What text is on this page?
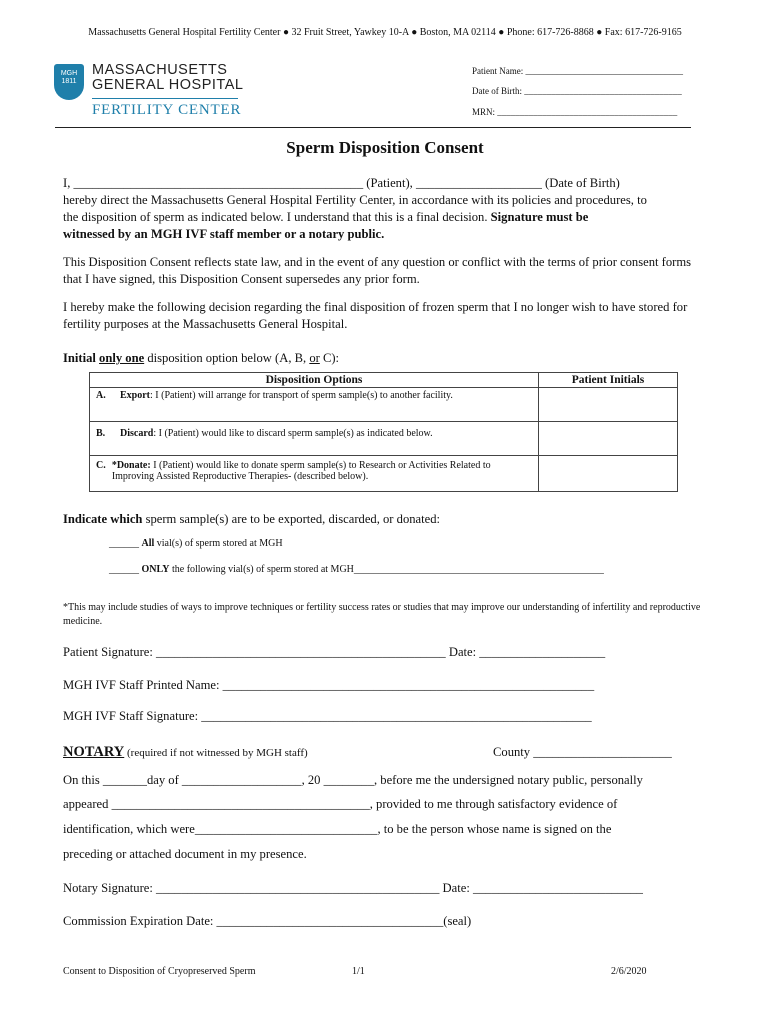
Massachusetts General Hospital Fertility Center ● 32 Fruit Street, Yawkey 10-A ● Boston, MA 02114 ● Phone: 617-726-8868 ● Fax: 617-726-9165
MGH 1811
MASSACHUSETTS
GENERAL HOSPITAL
FERTILITY CENTER
Patient Name: ___________________________________
Date of Birth: ___________________________________
MRN: ________________________________________
Sperm Disposition Consent
I, ______________________________________________ (Patient), ____________________ (Date of Birth)
hereby direct the Massachusetts General Hospital Fertility Center, in accordance with its policies and procedures, to
the disposition of sperm as indicated below. I understand that this is a final decision. Signature must be
witnessed by an MGH IVF staff member or a notary public.
This Disposition Consent reflects state law, and in the event of any question or conflict with the terms of prior consent forms that I have signed, this Disposition Consent supersedes any prior form.
I hereby make the following decision regarding the final disposition of frozen sperm that I no longer wish to have stored for fertility purposes at the Massachusetts General Hospital.
Initial only one disposition option below (A, B, or C):
Disposition Options	Patient Initials

A. Export: I (Patient) will arrange for transport of sperm sample(s) to another facility.	

B. Discard: I (Patient) would like to discard sperm sample(s) as indicated below.	

C. *Donate: I (Patient) would like to donate sperm sample(s) to Research or Activities Related to Improving Assisted Reproductive Therapies- (described below).	

Indicate which sperm sample(s) are to be exported, discarded, or donated:
______ All vial(s) of sperm stored at MGH
______ ONLY the following vial(s) of sperm stored at MGH__________________________________________________
*This may include studies of ways to improve techniques or fertility success rates or studies that may improve our understanding of infertility and reproductive medicine.
Patient Signature: ______________________________________________ Date: ____________________
MGH IVF Staff Printed Name: ___________________________________________________________
MGH IVF Staff Signature: ______________________________________________________________
NOTARY (required if not witnessed by MGH staff)	County ______________________
On this _______day of ___________________, 20 ________, before me the undersigned notary public, personally
appeared _________________________________________, provided to me through satisfactory evidence of
identification, which were_____________________________, to be the person whose name is signed on the
preceding or attached document in my presence.
Notary Signature: _____________________________________________ Date: ___________________________
Commission Expiration Date: ____________________________________(seal)
Consent to Disposition of Cryopreserved Sperm	1/1	2/6/2020
